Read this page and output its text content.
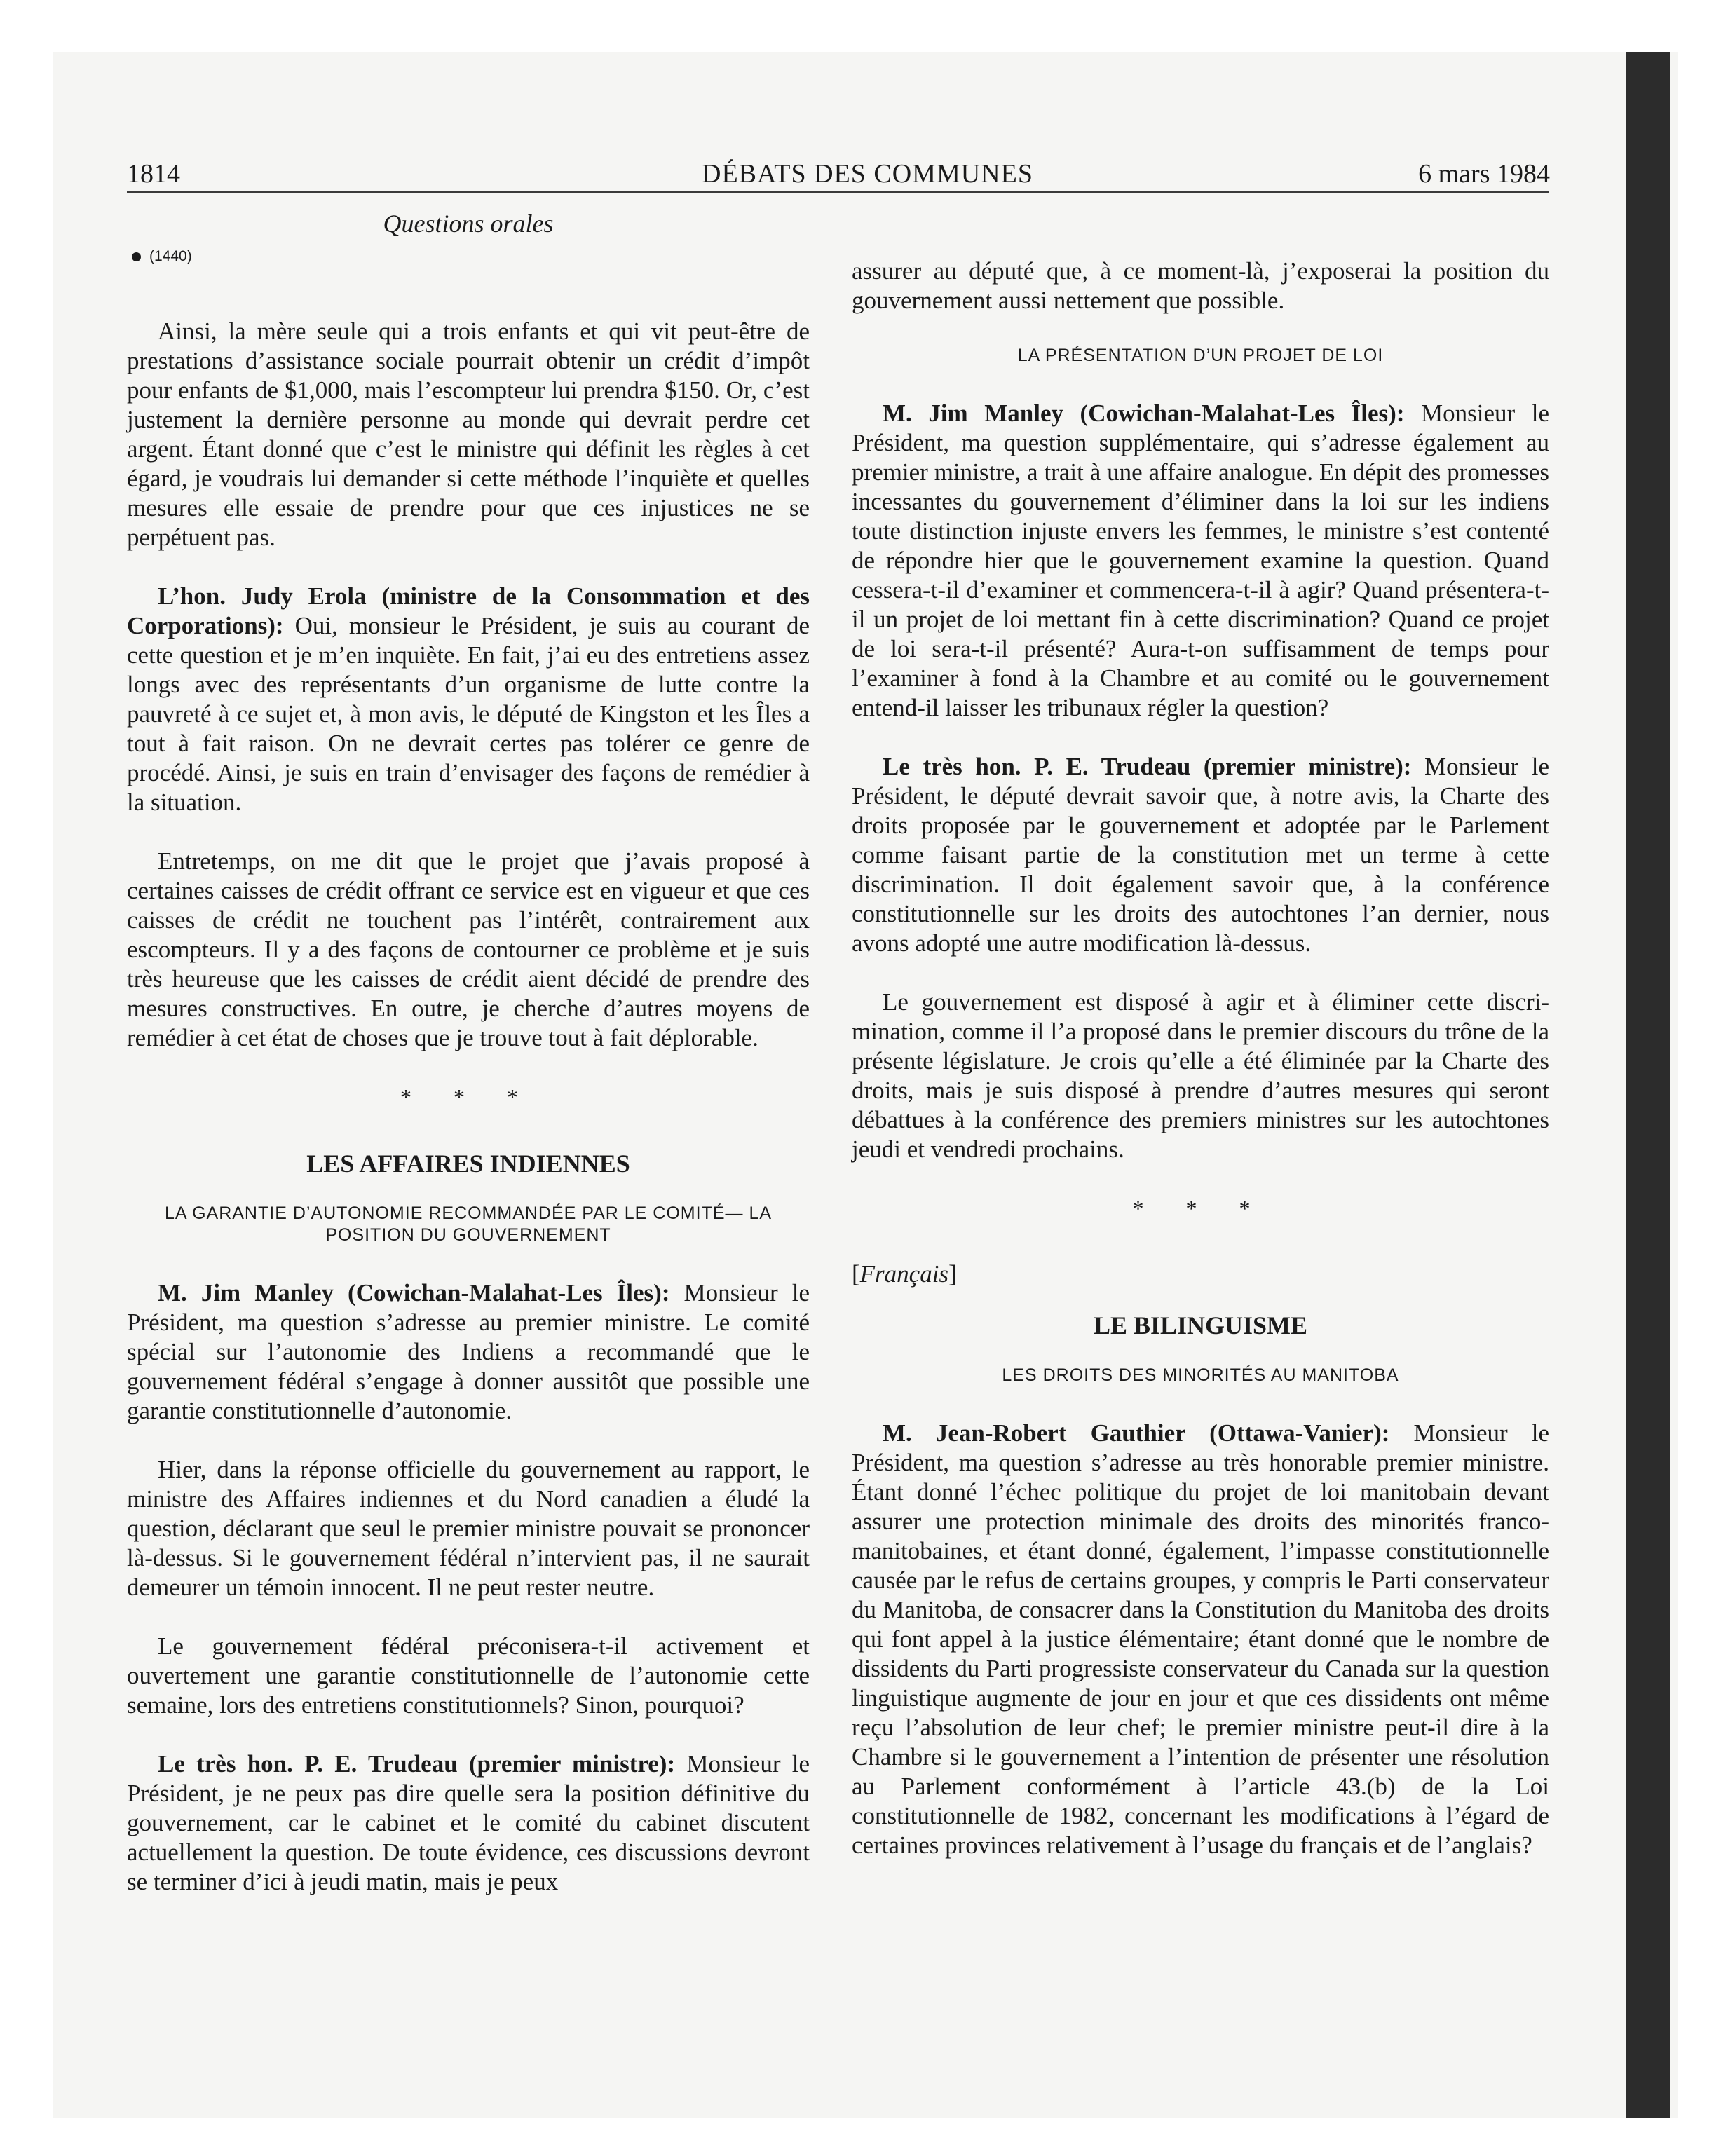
1814	DÉBATS DES COMMUNES	6 mars 1984
Questions orales
(1440)

Ainsi, la mère seule qui a trois enfants et qui vit peut-être de prestations d’assistance sociale pourrait obtenir un crédit d’impôt pour enfants de $1,000, mais l’escompteur lui prendra $150. Or, c’est justement la dernière personne au monde qui devrait perdre cet argent. Étant donné que c’est le ministre qui définit les règles à cet égard, je voudrais lui demander si cette méthode l’inquiète et quelles mesures elle essaie de prendre pour que ces injustices ne se perpétuent pas.

L’hon. Judy Erola (ministre de la Consommation et des Corporations): Oui, monsieur le Président, je suis au courant de cette question et je m’en inquiète. En fait, j’ai eu des entretiens assez longs avec des représentants d’un organisme de lutte contre la pauvreté à ce sujet et, à mon avis, le député de Kingston et les Îles a tout à fait raison. On ne devrait certes pas tolérer ce genre de procédé. Ainsi, je suis en train d’envisager des façons de remédier à la situation.

Entretemps, on me dit que le projet que j’avais proposé à certaines caisses de crédit offrant ce service est en vigueur et que ces caisses de crédit ne touchent pas l’intérêt, contrairement aux escompteurs. Il y a des façons de contourner ce problème et je suis très heureuse que les caisses de crédit aient décidé de prendre des mesures constructives. En outre, je cherche d’autres moyens de remédier à cet état de choses que je trouve tout à fait déplorable.

* * *
LES AFFAIRES INDIENNES
LA GARANTIE D’AUTONOMIE RECOMMANDÉE PAR LE COMITÉ— LA POSITION DU GOUVERNEMENT

M. Jim Manley (Cowichan-Malahat-Les Îles): Monsieur le Président, ma question s’adresse au premier ministre. Le comité spécial sur l’autonomie des Indiens a recommandé que le gouvernement fédéral s’engage à donner aussitôt que possible une garantie constitutionnelle d’autonomie.

Hier, dans la réponse officielle du gouvernement au rapport, le ministre des Affaires indiennes et du Nord canadien a éludé la question, déclarant que seul le premier ministre pouvait se prononcer là-dessus. Si le gouvernement fédéral n’intervient pas, il ne saurait demeurer un témoin innocent. Il ne peut rester neutre.

Le gouvernement fédéral préconisera-t-il activement et ouvertement une garantie constitutionnelle de l’autonomie cette semaine, lors des entretiens constitutionnels? Sinon, pourquoi?

Le très hon. P. E. Trudeau (premier ministre): Monsieur le Président, je ne peux pas dire quelle sera la position définitive du gouvernement, car le cabinet et le comité du cabinet discutent actuellement la question. De toute évidence, ces discussions devront se terminer d’ici à jeudi matin, mais je peux

assurer au député que, à ce moment-là, j’exposerai la position du gouvernement aussi nettement que possible.

LA PRÉSENTATION D’UN PROJET DE LOI

M. Jim Manley (Cowichan-Malahat-Les Îles): Monsieur le Président, ma question supplémentaire, qui s’adresse également au premier ministre, a trait à une affaire analogue. En dépit des promesses incessantes du gouvernement d’éliminer dans la loi sur les indiens toute distinction injuste envers les femmes, le ministre s’est contenté de répondre hier que le gouvernement examine la question. Quand cessera-t-il d’examiner et commencera-t-il à agir? Quand présentera-t-il un projet de loi mettant fin à cette discrimination? Quand ce projet de loi sera-t-il présenté? Aura-t-on suffisamment de temps pour l’examiner à fond à la Chambre et au comité ou le gouvernement entend-il laisser les tribunaux régler la question?

Le très hon. P. E. Trudeau (premier ministre): Monsieur le Président, le député devrait savoir que, à notre avis, la Charte des droits proposée par le gouvernement et adoptée par le Parlement comme faisant partie de la constitution met un terme à cette discrimination. Il doit également savoir que, à la conférence constitutionnelle sur les droits des autochtones l’an dernier, nous avons adopté une autre modification là-dessus.

Le gouvernement est disposé à agir et à éliminer cette discrimination, comme il l’a proposé dans le premier discours du trône de la présente législature. Je crois qu’elle a été éliminée par la Charte des droits, mais je suis disposé à prendre d’autres mesures qui seront débattues à la conférence des premiers ministres sur les autochtones jeudi et vendredi prochains.

* * *
[Français]
LE BILINGUISME
LES DROITS DES MINORITÉS AU MANITOBA

M. Jean-Robert Gauthier (Ottawa-Vanier): Monsieur le Président, ma question s’adresse au très honorable premier ministre. Étant donné l’échec politique du projet de loi manitobain devant assurer une protection minimale des droits des minorités franco-manitobaines, et étant donné, également, l’impasse constitutionnelle causée par le refus de certains groupes, y compris le Parti conservateur du Manitoba, de consacrer dans la Constitution du Manitoba des droits qui font appel à la justice élémentaire; étant donné que le nombre de dissidents du Parti progressiste conservateur du Canada sur la question linguistique augmente de jour en jour et que ces dissidents ont même reçu l’absolution de leur chef; le premier ministre peut-il dire à la Chambre si le gouvernement a l’intention de présenter une résolution au Parlement conformément à l’article 43.(b) de la Loi constitutionnelle de 1982, concernant les modifications à l’égard de certaines provinces relativement à l’usage du français et de l’anglais?
